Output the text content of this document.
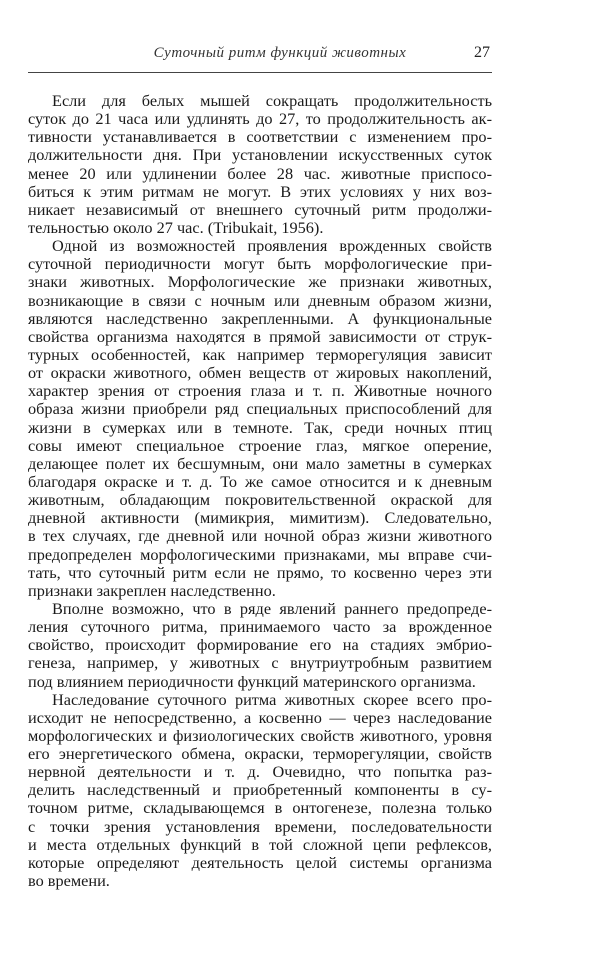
Суточный ритм функций животных	27
Если для белых мышей сокращать продолжительность
суток до 21 часа или удлинять до 27, то продолжительность ак-
тивности устанавливается в соответствии с изменением про-
должительности дня. При установлении искусственных суток
менее 20 или удлинении более 28 час. животные приспосо-
биться к этим ритмам не могут. В этих условиях у них воз-
никает независимый от внешнего суточный ритм продолжи-
тельностью около 27 час. (Tribukait, 1956).
Одной из возможностей проявления врожденных свойств
суточной периодичности могут быть морфологические при-
знаки животных. Морфологические же признаки животных,
возникающие в связи с ночным или дневным образом жизни,
являются наследственно закрепленными. А функциональные
свойства организма находятся в прямой зависимости от струк-
турных особенностей, как например терморегуляция зависит
от окраски животного, обмен веществ от жировых накоплений,
характер зрения от строения глаза и т. п. Животные ночного
образа жизни приобрели ряд специальных приспособлений для
жизни в сумерках или в темноте. Так, среди ночных птиц
совы имеют специальное строение глаз, мягкое оперение,
делающее полет их бесшумным, они мало заметны в сумерках
благодаря окраске и т. д. То же самое относится и к дневным
животным, обладающим покровительственной окраской для
дневной активности (мимикрия, мимитизм). Следовательно,
в тех случаях, где дневной или ночной образ жизни животного
предопределен морфологическими признаками, мы вправе счи-
тать, что суточный ритм если не прямо, то косвенно через эти
признаки закреплен наследственно.
Вполне возможно, что в ряде явлений раннего предопреде-
ления суточного ритма, принимаемого часто за врожденное
свойство, происходит формирование его на стадиях эмбрио-
генеза, например, у животных с внутриутробным развитием
под влиянием периодичности функций материнского организма.
Наследование суточного ритма животных скорее всего про-
исходит не непосредственно, а косвенно — через наследование
морфологических и физиологических свойств животного, уровня
его энергетического обмена, окраски, терморегуляции, свойств
нервной деятельности и т. д. Очевидно, что попытка раз-
делить наследственный и приобретенный компоненты в су-
точном ритме, складывающемся в онтогенезе, полезна только
с точки зрения установления времени, последовательности
и места отдельных функций в той сложной цепи рефлексов,
которые определяют деятельность целой системы организма
во времени.
